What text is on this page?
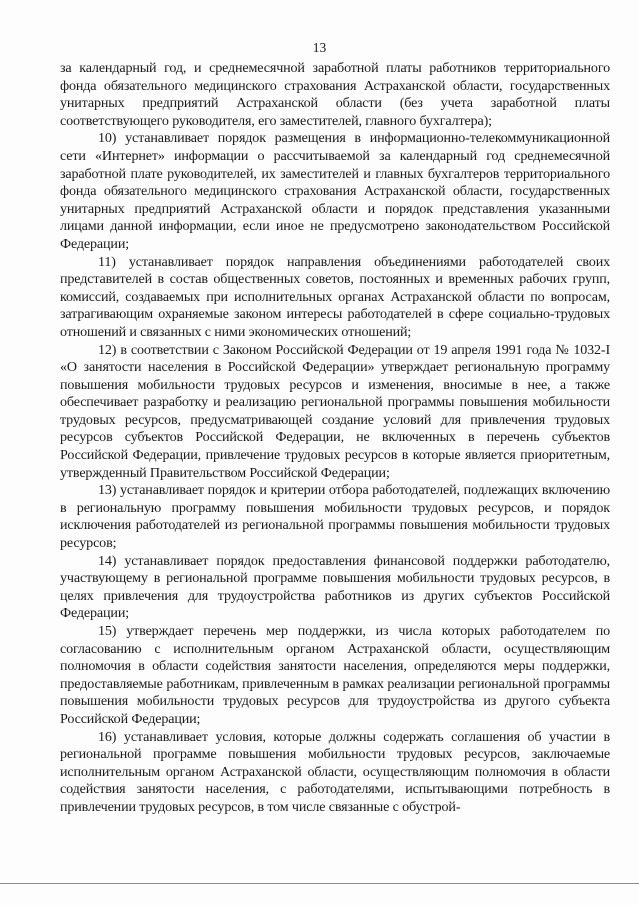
13

за календарный год, и среднемесячной заработной платы работников территориального фонда обязательного медицинского страхования Астраханской области, государственных унитарных предприятий Астраханской области (без учета заработной платы соответствующего руководителя, его заместителей, главного бухгалтера);

10) устанавливает порядок размещения в информационно-телекоммуникационной сети «Интернет» информации о рассчитываемой за календарный год среднемесячной заработной плате руководителей, их заместителей и главных бухгалтеров территориального фонда обязательного медицинского страхования Астраханской области, государственных унитарных предприятий Астраханской области и порядок представления указанными лицами данной информации, если иное не предусмотрено законодательством Российской Федерации;

11) устанавливает порядок направления объединениями работодателей своих представителей в состав общественных советов, постоянных и временных рабочих групп, комиссий, создаваемых при исполнительных органах Астраханской области по вопросам, затрагивающим охраняемые законом интересы работодателей в сфере социально-трудовых отношений и связанных с ними экономических отношений;

12) в соответствии с Законом Российской Федерации от 19 апреля 1991 года № 1032-I «О занятости населения в Российской Федерации» утверждает региональную программу повышения мобильности трудовых ресурсов и изменения, вносимые в нее, а также обеспечивает разработку и реализацию региональной программы повышения мобильности трудовых ресурсов, предусматривающей создание условий для привлечения трудовых ресурсов субъектов Российской Федерации, не включенных в перечень субъектов Российской Федерации, привлечение трудовых ресурсов в которые является приоритетным, утвержденный Правительством Российской Федерации;

13) устанавливает порядок и критерии отбора работодателей, подлежащих включению в региональную программу повышения мобильности трудовых ресурсов, и порядок исключения работодателей из региональной программы повышения мобильности трудовых ресурсов;

14) устанавливает порядок предоставления финансовой поддержки работодателю, участвующему в региональной программе повышения мобильности трудовых ресурсов, в целях привлечения для трудоустройства работников из других субъектов Российской Федерации;

15) утверждает перечень мер поддержки, из числа которых работодателем по согласованию с исполнительным органом Астраханской области, осуществляющим полномочия в области содействия занятости населения, определяются меры поддержки, предоставляемые работникам, привлеченным в рамках реализации региональной программы повышения мобильности трудовых ресурсов для трудоустройства из другого субъекта Российской Федерации;

16) устанавливает условия, которые должны содержать соглашения об участии в региональной программе повышения мобильности трудовых ресурсов, заключаемые исполнительным органом Астраханской области, осуществляющим полномочия в области содействия занятости населения, с работодателями, испытывающими потребность в привлечении трудовых ресурсов, в том числе связанные с обустрой-
